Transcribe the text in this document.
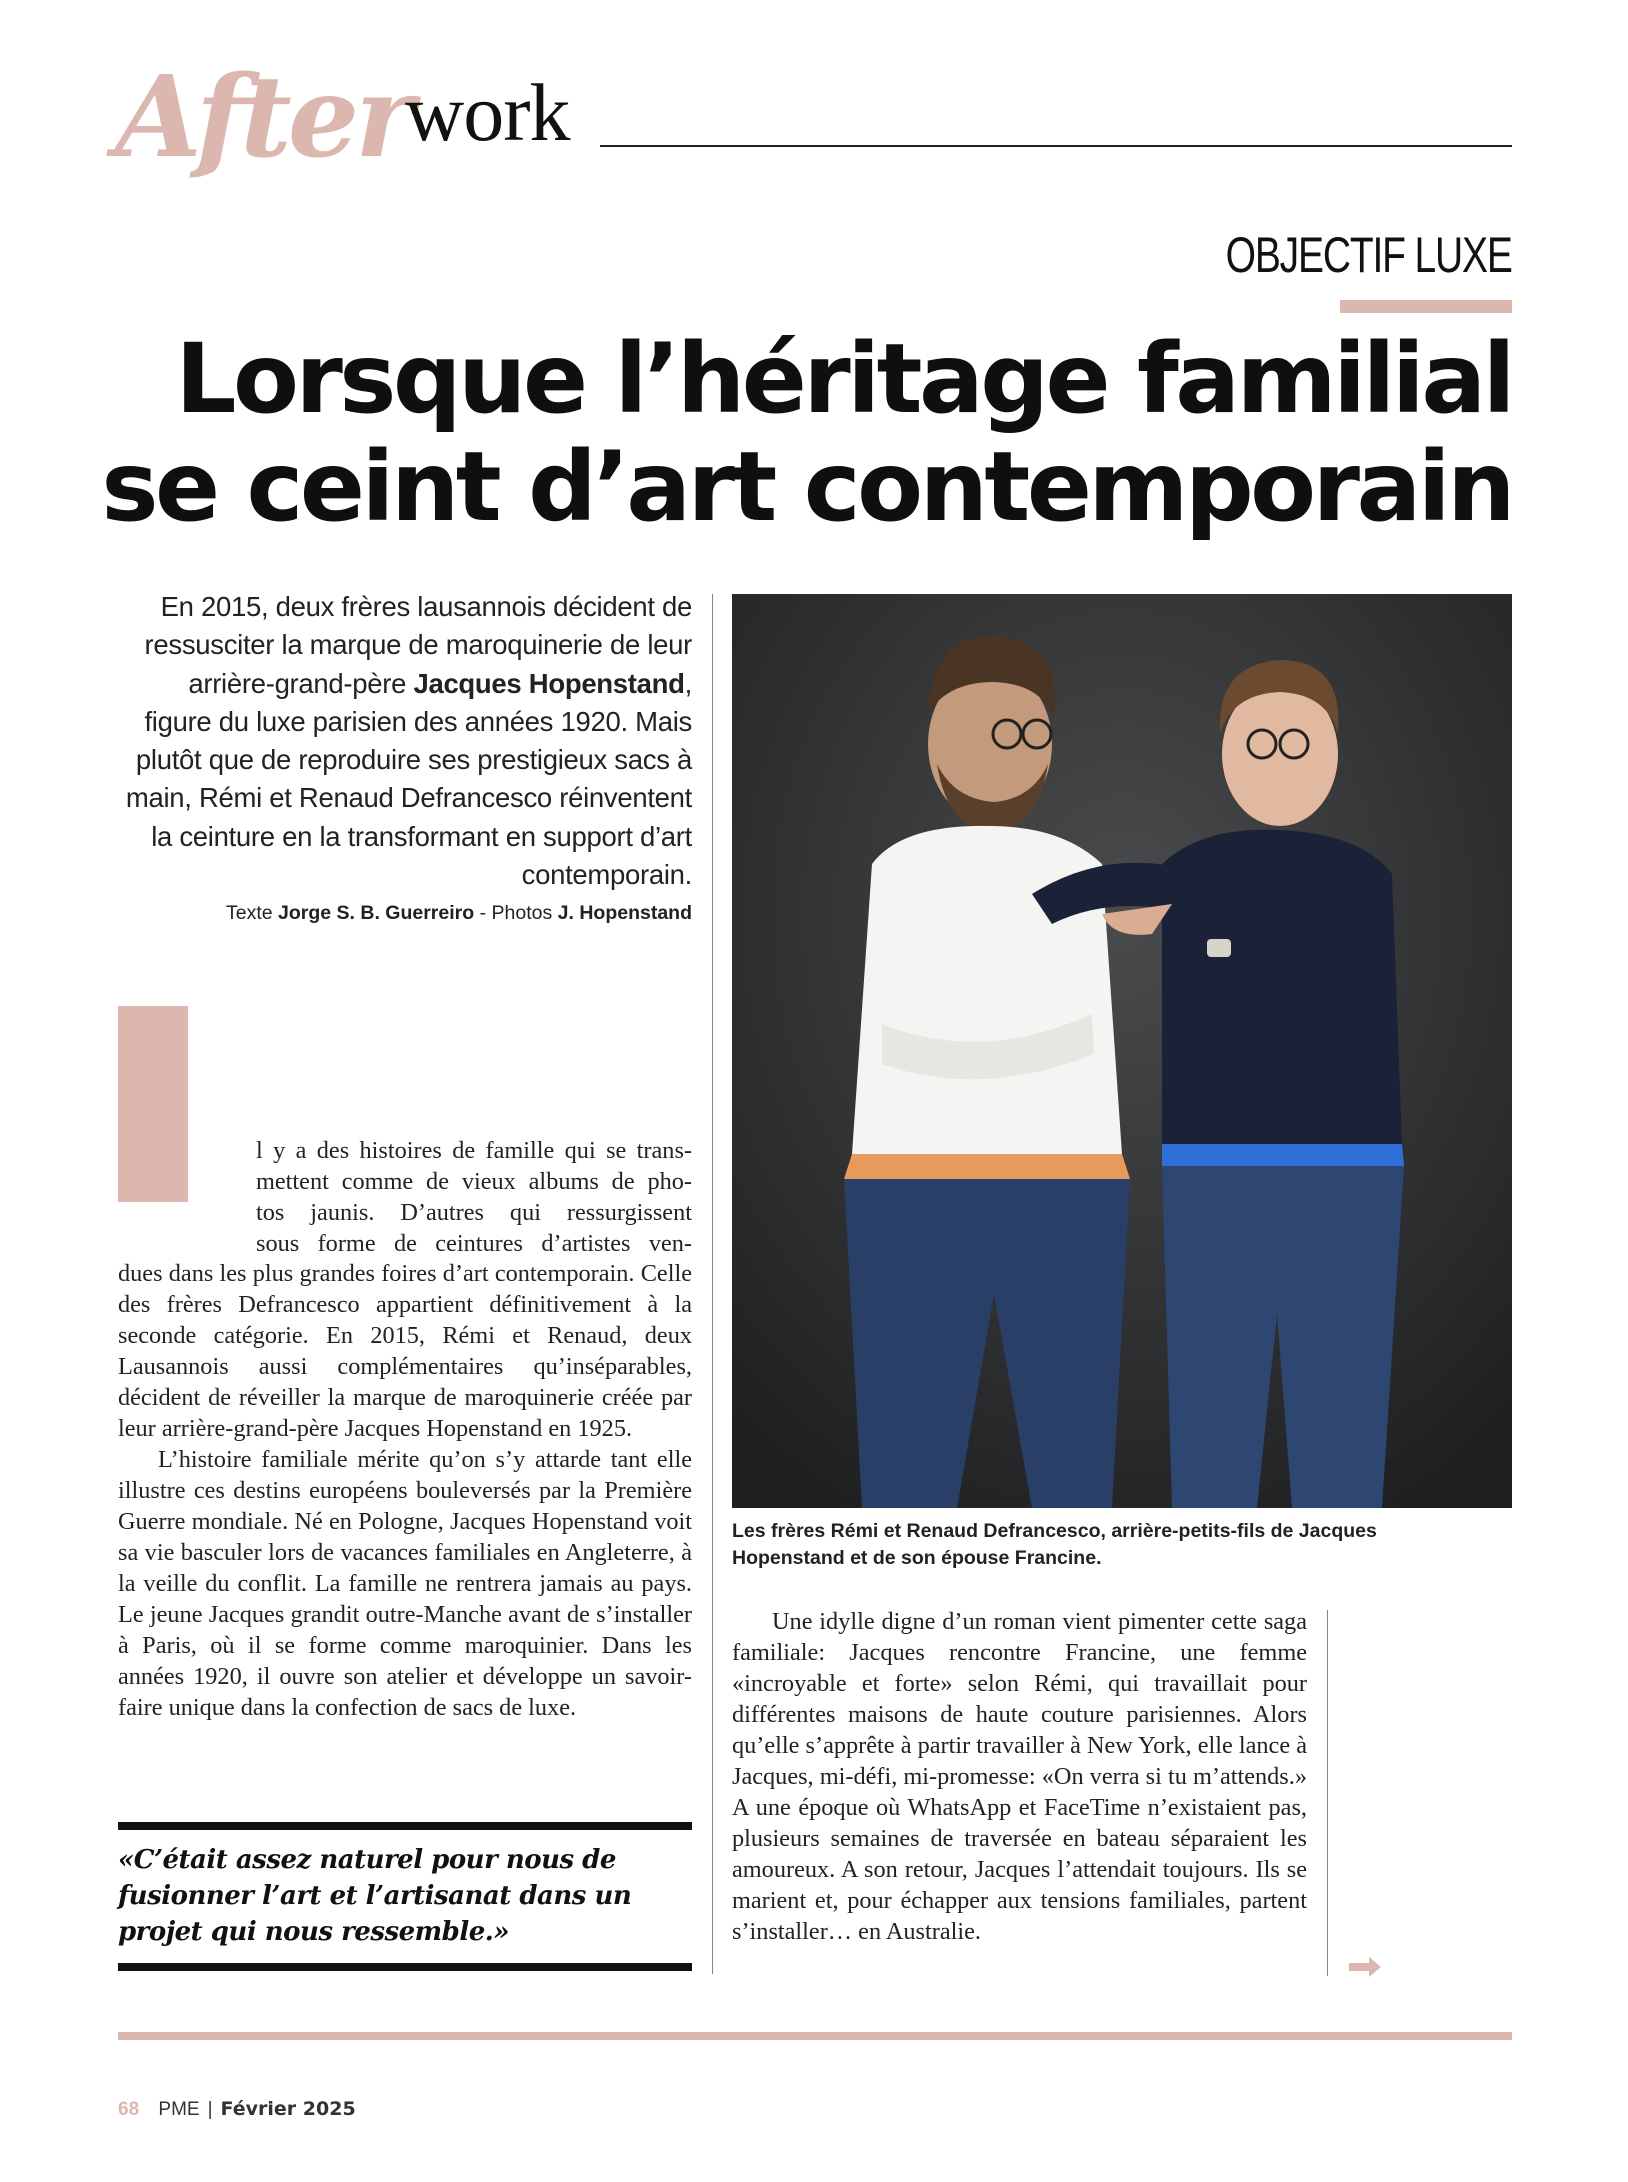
After
work
OBJECTIF LUXE
Lorsque l’héritage familial
se ceint d’art contemporain
En 2015, deux frères lausannois décident de ressusciter la marque de maroquinerie de leur arrière-grand-père Jacques Hopenstand, figure du luxe parisien des années 1920. Mais plutôt que de reproduire ses prestigieux sacs à main, Rémi et Renaud Defrancesco réinventent la ceinture en la transformant en support d’art contemporain.
Texte Jorge S. B. Guerreiro - Photos J. Hopenstand
Les frères Rémi et Renaud Defrancesco, arrière-petits-fils de Jacques Hopenstand et de son épouse Francine.
l y a des histoires de famille qui se trans-
mettent comme de vieux albums de pho-
tos jaunis. D’autres qui ressurgissent
sous forme de ceintures d’artistes ven-

dues dans les plus grandes foires d’art contemporain. Celle des frères Defrancesco appartient définitivement à la seconde catégorie. En 2015, Rémi et Renaud, deux Lausannois aussi complémentaires qu’inséparables, décident de réveiller la marque de maroquinerie créée par leur arrière-grand-père Jacques Hopenstand en 1925.

L’histoire familiale mérite qu’on s’y attarde tant elle illustre ces destins européens bouleversés par la Première Guerre mondiale. Né en Pologne, Jacques Hopenstand voit sa vie basculer lors de vacances familiales en Angleterre, à la veille du conflit. La famille ne rentrera jamais au pays. Le jeune Jacques grandit outre-Manche avant de s’installer à Paris, où il se forme comme maroquinier. Dans les années 1920, il ouvre son atelier et développe un savoir-faire unique dans la confection de sacs de luxe.

«C’était assez naturel pour nous de fusionner l’art et l’artisanat dans un projet qui nous ressemble.»

Une idylle digne d’un roman vient pimenter cette saga familiale: Jacques rencontre Francine, une femme «incroyable et forte» selon Rémi, qui travaillait pour différentes maisons de haute couture parisiennes. Alors qu’elle s’apprête à partir travailler à New York, elle lance à Jacques, mi-défi, mi-promesse: «On verra si tu m’attends.» A une époque où WhatsApp et FaceTime n’existaient pas, plusieurs semaines de traversée en bateau séparaient les amoureux. A son retour, Jacques l’attendait toujours. Ils se marient et, pour échapper aux tensions familiales, partent s’installer… en Australie.

68 PME | Février 2025
